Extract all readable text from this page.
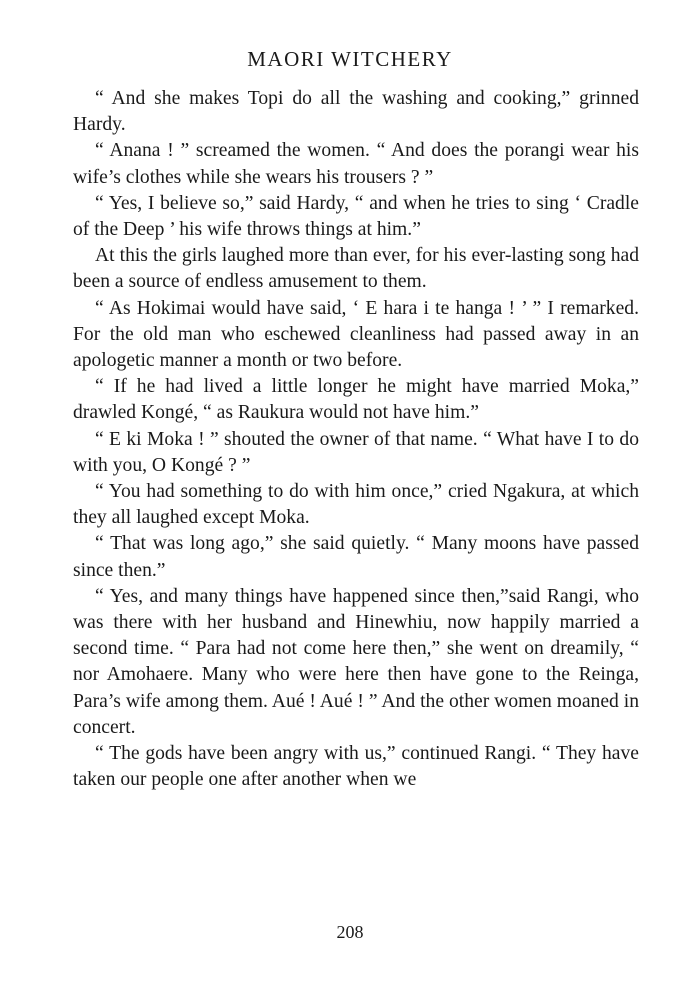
MAORI WITCHERY

“ And she makes Topi do all the washing and cooking,” grinned Hardy.

“ Anana ! ” screamed the women. “ And does the porangi wear his wife’s clothes while she wears his trousers ? ”

“ Yes, I believe so,” said Hardy, “ and when he tries to sing ‘ Cradle of the Deep ’ his wife throws things at him.”

At this the girls laughed more than ever, for his ever-lasting song had been a source of endless amusement to them.

“ As Hokimai would have said, ‘ E hara i te hanga ! ’ ” I remarked. For the old man who eschewed cleanliness had passed away in an apologetic manner a month or two before.

“ If he had lived a little longer he might have married Moka,” drawled Kongé, “ as Raukura would not have him.”

“ E ki Moka ! ” shouted the owner of that name. “ What have I to do with you, O Kongé ? ”

“ You had something to do with him once,” cried Ngakura, at which they all laughed except Moka.

“ That was long ago,” she said quietly. “ Many moons have passed since then.”

“ Yes, and many things have happened since then,”said Rangi, who was there with her husband and Hinewhiu, now happily married a second time. “ Para had not come here then,” she went on dreamily, “ nor Amohaere. Many who were here then have gone to the Reinga, Para’s wife among them. Aué ! Aué ! ” And the other women moaned in concert.

“ The gods have been angry with us,” continued Rangi. “ They have taken our people one after another when we

208
